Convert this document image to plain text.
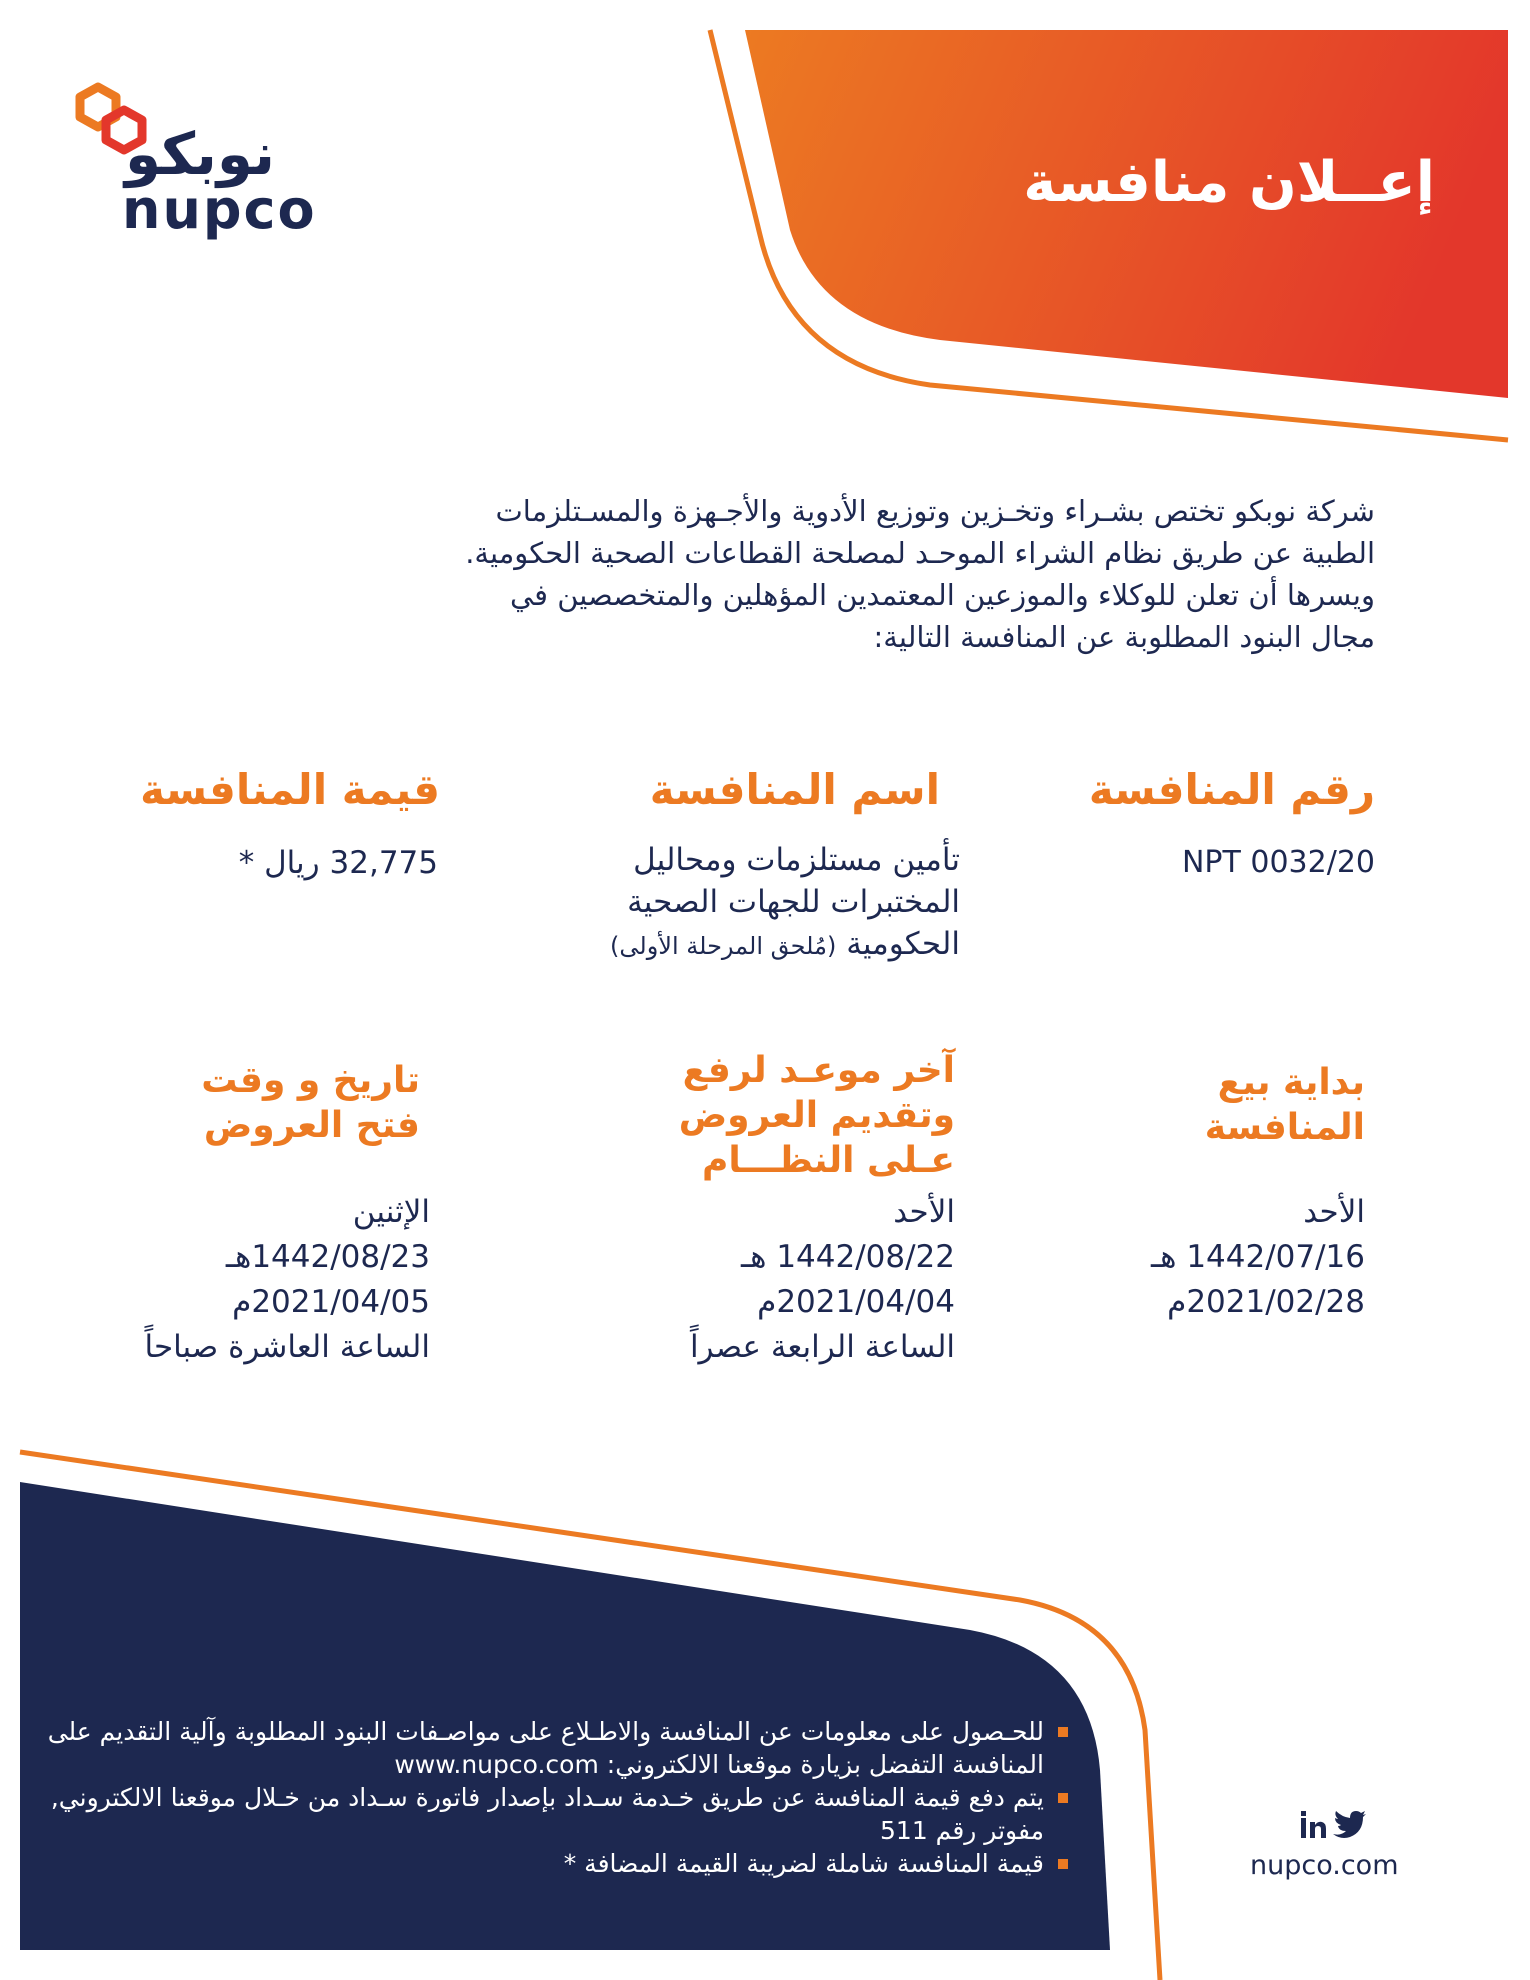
إعــلان منافسة
نوبكو
nupco

شركة نوبكو تختص بشـراء وتخـزين وتوزيع الأدوية والأجـهزة والمسـتلزمات

الطبية عن طريق نظام الشراء الموحـد لمصلحة القطاعات الصحية الحكومية.

ويسرها أن تعلن للوكلاء والموزعين المعتمدين المؤهلين والمتخصصين في

مجال البنود المطلوبة عن المنافسة التالية:

رقم المنافسة
اسم المنافسة
قيمة المنافسة
NPT 0032/20
تأمين مستلزمات ومحاليل
المختبرات للجهات الصحية
الحكومية (مُلحق المرحلة الأولى)
32,775 ريال *
بداية بيع
المنافسة
آخر موعـد لرفع
وتقديم العروض
عـلى النظـــام
تاريخ و وقت
فتح العروض
الأحد
1442/07/16 هـ
2021/02/28م
الأحد
1442/08/22 هـ
2021/04/04م
الساعة الرابعة عصراً
الإثنين
1442/08/23هـ
2021/04/05م
الساعة العاشرة صباحاً
للحـصول على معلومات عن المنافسة والاطـلاع على مواصـفات البنود المطلوبة وآلية التقديم على المنافسة التفضل بزيارة موقعنا الالكتروني: www.nupco.com
يتم دفع قيمة المنافسة عن طريق خـدمة سـداد بإصدار فاتورة سـداد من خـلال موقعنا الالكتروني, مفوتر رقم 511
قيمة المنافسة شاملة لضريبة القيمة المضافة *	nupco.com
